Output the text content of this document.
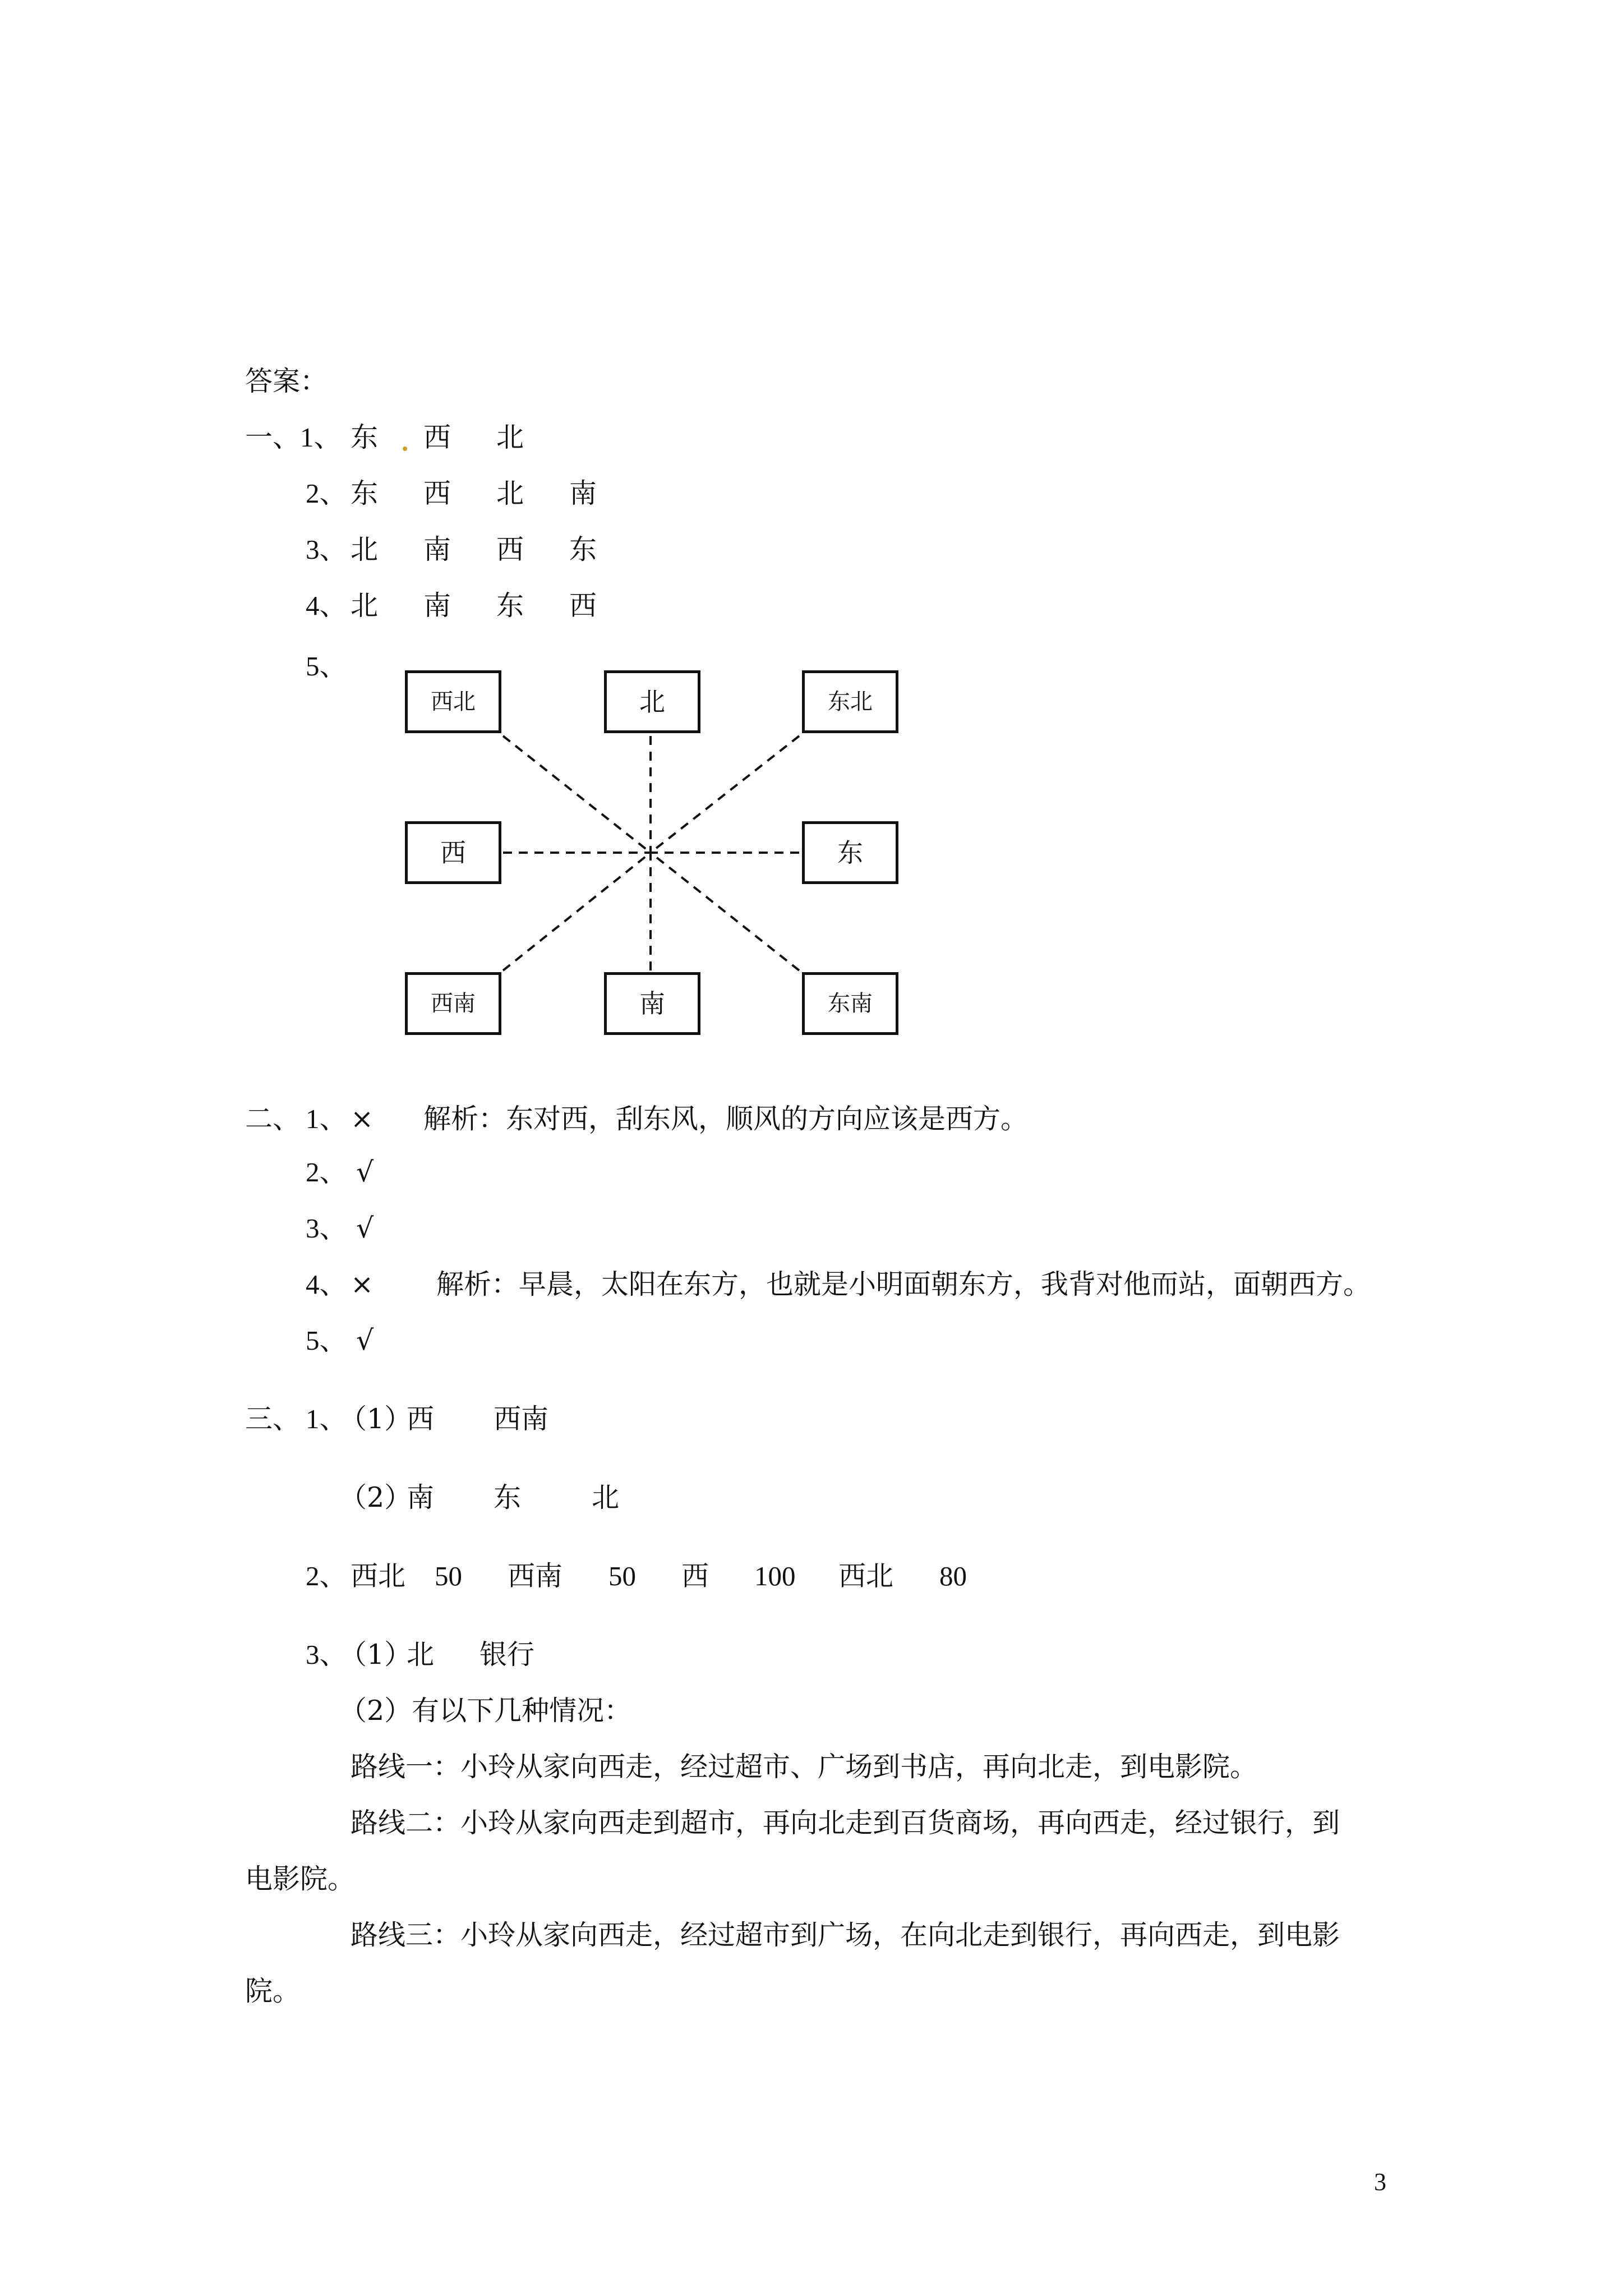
答案：
一、 1、 东 西 北
2、 东 西 北 南
3、 北 南 西 东
4、 北 南 东 西
5、
西北	北	东北
西	东
西南	南	东南
二、 1、 × 解析：东对西，刮东风，顺风的方向应该是西方。
2、 √
3、 √
4、 × 解析：早晨，太阳在东方，也就是小明面朝东方，我背对他而站，面朝西方。
5、 √
三、 1、
（1）
西 西南
（2）
南 东	北
2、 西北 50 西南 50 西 100 西北 80
3、
（1）
北 银行
（2）有以下几种情况：
路线一：小玲从家向西走，经过超市、广场到书店，再向北走，到电影院。
路线二：小玲从家向西走到超市，再向北走到百货商场，再向西走，经过银行，到
电影院。
路线三：小玲从家向西走，经过超市到广场，在向北走到银行，再向西走，到电影
院。
3
